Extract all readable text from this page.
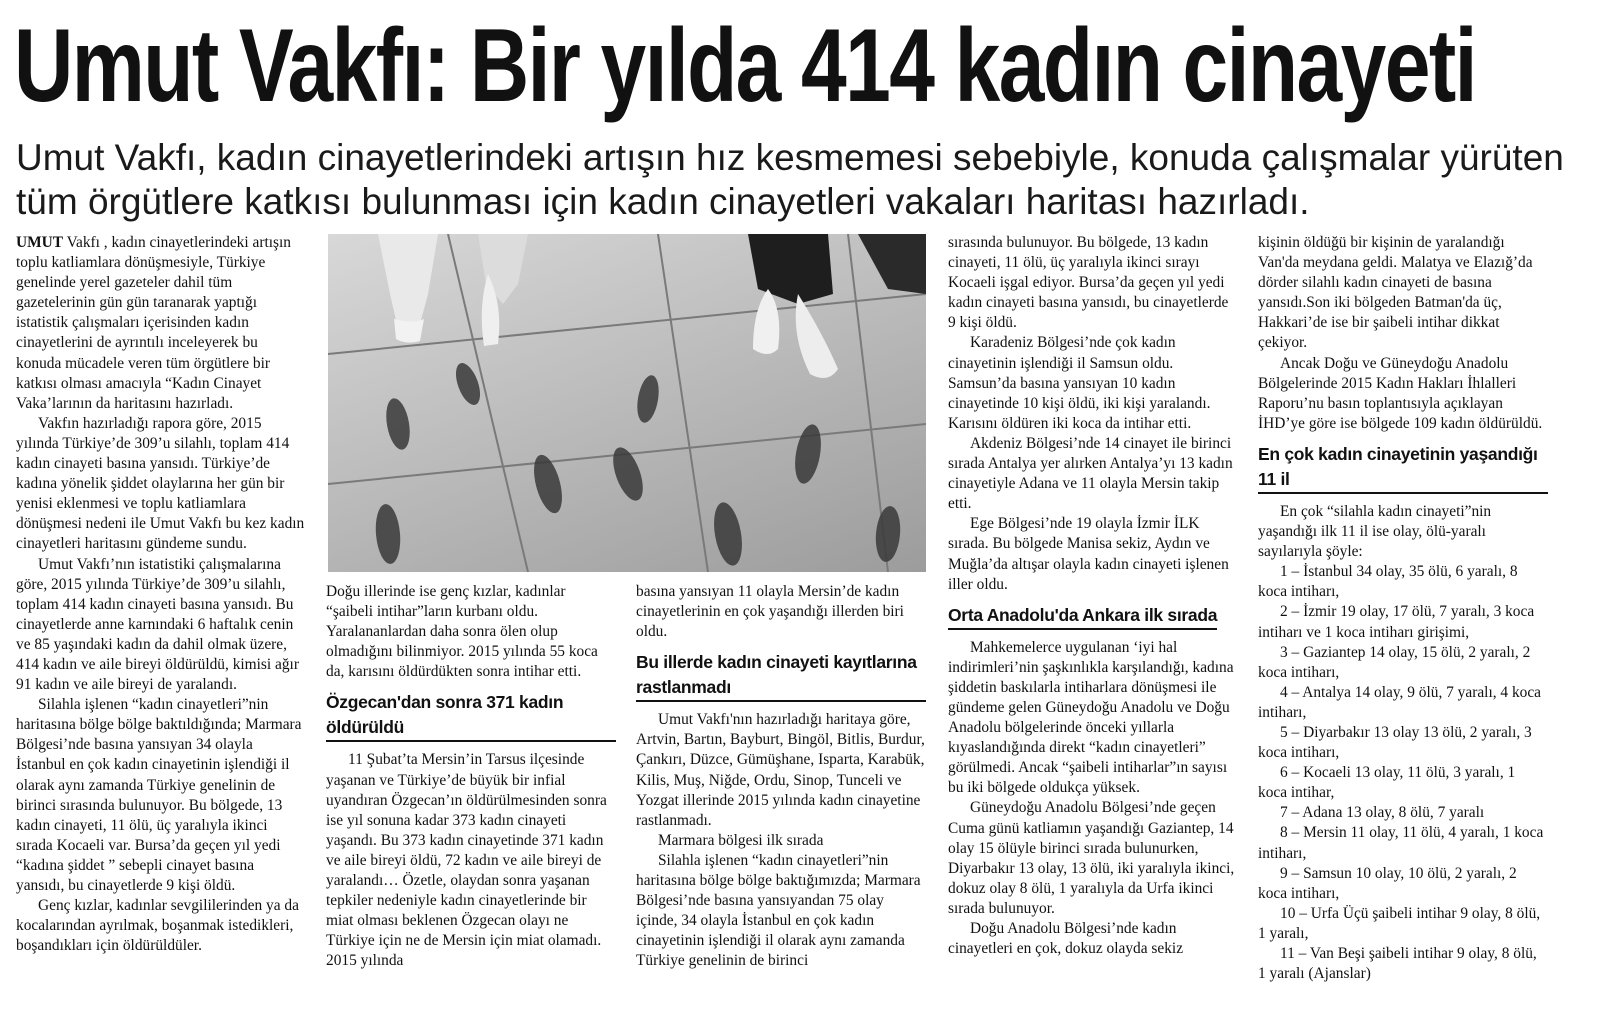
Umut Vakfı: Bir yılda 414 kadın cinayeti
Umut Vakfı, kadın cinayetlerindeki artışın hız kesmemesi sebebiyle, konuda çalışmalar yürüten tüm örgütlere katkısı bulunması için kadın cinayetleri vakaları haritası hazırladı.

UMUT Vakfı , kadın cinayetlerindeki artışın toplu katliamlara dönüşmesiyle, Türkiye genelinde yerel gazeteler dahil tüm gazetelerinin gün gün taranarak yaptığı istatistik çalışmaları içerisinden kadın cinayetlerini de ayrıntılı inceleyerek bu konuda mücadele veren tüm örgütlere bir katkısı olması amacıyla “Kadın Cinayet Vaka’larının da haritasını hazırladı.

Vakfın hazırladığı rapora göre, 2015 yılında Türkiye’de 309’u silahlı, toplam 414 kadın cinayeti basına yansıdı. Türkiye’de kadına yönelik şiddet olaylarına her gün bir yenisi eklenmesi ve toplu katliamlara dönüşmesi nedeni ile Umut Vakfı bu kez kadın cinayetleri haritasını gündeme sundu.

Umut Vakfı’nın istatistiki çalışmalarına göre, 2015 yılında Türkiye’de 309’u silahlı, toplam 414 kadın cinayeti basına yansıdı. Bu cinayetlerde anne karnındaki 6 haftalık cenin ve 85 yaşındaki kadın da dahil olmak üzere, 414 kadın ve aile bireyi öldürüldü, kimisi ağır 91 kadın ve aile bireyi de yaralandı.

Silahla işlenen “kadın cinayetleri”nin haritasına bölge bölge baktıldığında; Marmara Bölgesi’nde basına yansıyan 34 olayla İstanbul en çok kadın cinayetinin işlendiği il olarak aynı zamanda Türkiye genelinin de birinci sırasında bulunuyor. Bu bölgede, 13 kadın cinayeti, 11 ölü, üç yaralıyla ikinci sırada Kocaeli var. Bursa’da geçen yıl yedi “kadına şiddet ” sebepli cinayet basına yansıdı, bu cinayetlerde 9 kişi öldü.

Genç kızlar, kadınlar sevgililerinden ya da kocalarından ayrılmak, boşanmak istedikleri, boşandıkları için öldürüldüler.

Doğu illerinde ise genç kızlar, kadınlar “şaibeli intihar”ların kurbanı oldu. Yaralananlardan daha sonra ölen olup olmadığını bilinmiyor. 2015 yılında 55 koca da, karısını öldürdükten sonra intihar etti.

Özgecan'dan sonra 371 kadın öldürüldü

11 Şubat’ta Mersin’in Tarsus ilçesinde yaşanan ve Türkiye’de büyük bir infial uyandıran Özgecan’ın öldürülmesinden sonra ise yıl sonuna kadar 373 kadın cinayeti yaşandı. Bu 373 kadın cinayetinde 371 kadın ve aile bireyi öldü, 72 kadın ve aile bireyi de yaralandı… Özetle, olaydan sonra yaşanan tepkiler nedeniyle kadın cinayetlerinde bir miat olması beklenen Özgecan olayı ne Türkiye için ne de Mersin için miat olamadı. 2015 yılında

basına yansıyan 11 olayla Mersin’de kadın cinayetlerinin en çok yaşandığı illerden biri oldu.

Bu illerde kadın cinayeti kayıtlarına rastlanmadı

Umut Vakfı'nın hazırladığı haritaya göre, Artvin, Bartın, Bayburt, Bingöl, Bitlis, Burdur, Çankırı, Düzce, Gümüşhane, Isparta, Karabük, Kilis, Muş, Niğde, Ordu, Sinop, Tunceli ve Yozgat illerinde 2015 yılında kadın cinayetine rastlanmadı.

Marmara bölgesi ilk sırada

Silahla işlenen “kadın cinayetleri”nin haritasına bölge bölge baktığımızda; Marmara Bölgesi’nde basına yansıyandan 75 olay içinde, 34 olayla İstanbul en çok kadın cinayetinin işlendiği il olarak aynı zamanda Türkiye genelinin de birinci

sırasında bulunuyor. Bu bölgede, 13 kadın cinayeti, 11 ölü, üç yaralıyla ikinci sırayı Kocaeli işgal ediyor. Bursa’da geçen yıl yedi kadın cinayeti basına yansıdı, bu cinayetlerde 9 kişi öldü.

Karadeniz Bölgesi’nde çok kadın cinayetinin işlendiği il Samsun oldu. Samsun’da basına yansıyan 10 kadın cinayetinde 10 kişi öldü, iki kişi yaralandı. Karısını öldüren iki koca da intihar etti.

Akdeniz Bölgesi’nde 14 cinayet ile birinci sırada Antalya yer alırken Antalya’yı 13 kadın cinayetiyle Adana ve 11 olayla Mersin takip etti.

Ege Bölgesi’nde 19 olayla İzmir İLK sırada. Bu bölgede Manisa sekiz, Aydın ve Muğla’da altışar olayla kadın cinayeti işlenen iller oldu.

Orta Anadolu'da Ankara ilk sırada

Mahkemelerce uygulanan ‘iyi hal indirimleri’nin şaşkınlıkla karşılandığı, kadına şiddetin baskılarla intiharlara dönüşmesi ile gündeme gelen Güneydoğu Anadolu ve Doğu Anadolu bölgelerinde önceki yıllarla kıyaslandığında direkt “kadın cinayetleri” görülmedi. Ancak “şaibeli intiharlar”ın sayısı bu iki bölgede oldukça yüksek.

Güneydoğu Anadolu Bölgesi’nde geçen Cuma günü katliamın yaşandığı Gaziantep, 14 olay 15 ölüyle birinci sırada bulunurken, Diyarbakır 13 olay, 13 ölü, iki yaralıyla ikinci, dokuz olay 8 ölü, 1 yaralıyla da Urfa ikinci sırada bulunuyor.

Doğu Anadolu Bölgesi’nde kadın cinayetleri en çok, dokuz olayda sekiz

kişinin öldüğü bir kişinin de yaralandığı Van'da meydana geldi. Malatya ve Elazığ’da dörder silahlı kadın cinayeti de basına yansıdı.Son iki bölgeden Batman'da üç, Hakkari’de ise bir şaibeli intihar dikkat çekiyor.

Ancak Doğu ve Güneydoğu Anadolu Bölgelerinde 2015 Kadın Hakları İhlalleri Raporu’nu basın toplantısıyla açıklayan İHD’ye göre ise bölgede 109 kadın öldürüldü.

En çok kadın cinayetinin yaşandığı 11 il

En çok “silahla kadın cinayeti”nin yaşandığı ilk 11 il ise olay, ölü-yaralı sayılarıyla şöyle:

1 – İstanbul 34 olay, 35 ölü, 6 yaralı, 8 koca intiharı,

2 – İzmir 19 olay, 17 ölü, 7 yaralı, 3 koca intiharı ve 1 koca intiharı girişimi,

3 – Gaziantep 14 olay, 15 ölü, 2 yaralı, 2 koca intiharı,

4 – Antalya 14 olay, 9 ölü, 7 yaralı, 4 koca intiharı,

5 – Diyarbakır 13 olay 13 ölü, 2 yaralı, 3 koca intiharı,

6 – Kocaeli 13 olay, 11 ölü, 3 yaralı, 1 koca intihar,

7 – Adana 13 olay, 8 ölü, 7 yaralı

8 – Mersin 11 olay, 11 ölü, 4 yaralı, 1 koca intiharı,

9 – Samsun 10 olay, 10 ölü, 2 yaralı, 2 koca intiharı,

10 – Urfa Üçü şaibeli intihar 9 olay, 8 ölü, 1 yaralı,

11 – Van Beşi şaibeli intihar 9 olay, 8 ölü, 1 yaralı (Ajanslar)
